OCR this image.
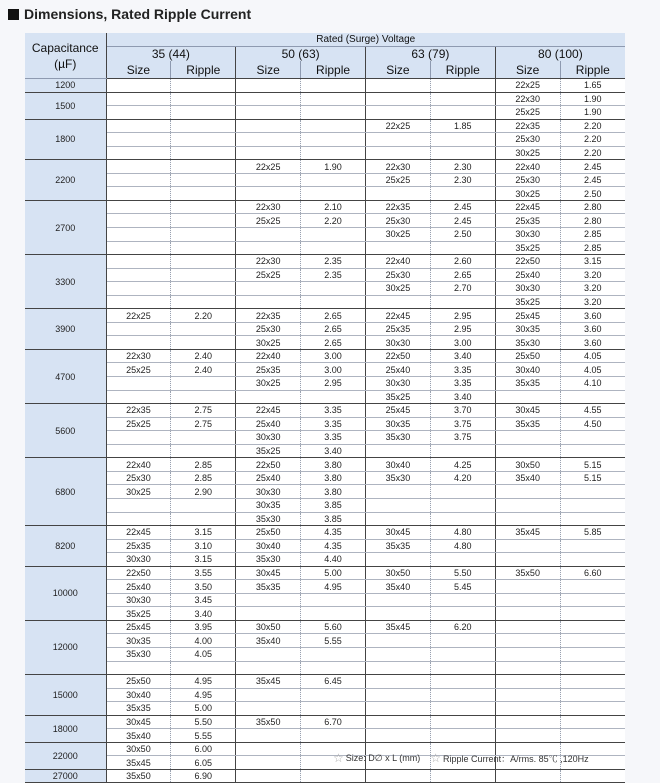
Dimensions, Rated Ripple Current
Capacitance
(µF)	Rated (Surge) Voltage							
	35 (44)		50 (63)		63 (79)		80 (100)	
	Size	Ripple	Size	Ripple	Size	Ripple	Size	Ripple
1200							22x25	1.65
1500							22x30	1.90
							25x25	1.90
1800					22x25	1.85	22x35	2.20
							25x30	2.20
							30x25	2.20
2200			22x25	1.90	22x30	2.30	22x40	2.45
					25x25	2.30	25x30	2.45
							30x25	2.50
2700			22x30	2.10	22x35	2.45	22x45	2.80
			25x25	2.20	25x30	2.45	25x35	2.80
					30x25	2.50	30x30	2.85
							35x25	2.85
3300			22x30	2.35	22x40	2.60	22x50	3.15
			25x25	2.35	25x30	2.65	25x40	3.20
					30x25	2.70	30x30	3.20
							35x25	3.20
3900	22x25	2.20	22x35	2.65	22x45	2.95	25x45	3.60
			25x30	2.65	25x35	2.95	30x35	3.60
			30x25	2.65	30x30	3.00	35x30	3.60
4700	22x30	2.40	22x40	3.00	22x50	3.40	25x50	4.05
	25x25	2.40	25x35	3.00	25x40	3.35	30x40	4.05
			30x25	2.95	30x30	3.35	35x35	4.10
					35x25	3.40		
5600	22x35	2.75	22x45	3.35	25x45	3.70	30x45	4.55
	25x25	2.75	25x40	3.35	30x35	3.75	35x35	4.50
			30x30	3.35	35x30	3.75		
			35x25	3.40				
6800	22x40	2.85	22x50	3.80	30x40	4.25	30x50	5.15
	25x30	2.85	25x40	3.80	35x30	4.20	35x40	5.15
	30x25	2.90	30x30	3.80				
			30x35	3.85				
			35x30	3.85				
8200	22x45	3.15	25x50	4.35	30x45	4.80	35x45	5.85
	25x35	3.10	30x40	4.35	35x35	4.80		
	30x30	3.15	35x30	4.40				
10000	22x50	3.55	30x45	5.00	30x50	5.50	35x50	6.60
	25x40	3.50	35x35	4.95	35x40	5.45		
	30x30	3.45						
	35x25	3.40						
12000	25x45	3.95	30x50	5.60	35x45	6.20		
	30x35	4.00	35x40	5.55				
	35x30	4.05						

15000	25x50	4.95	35x45	6.45				
	30x40	4.95						
	35x35	5.00						
18000	30x45	5.50	35x50	6.70				
	35x40	5.55						
22000	30x50	6.00						
	35x45	6.05						
27000	35x50	6.90						
☆ Size: D∅ x L (mm) ☆ Ripple Current：A/rms. 85℃ ,120Hz
